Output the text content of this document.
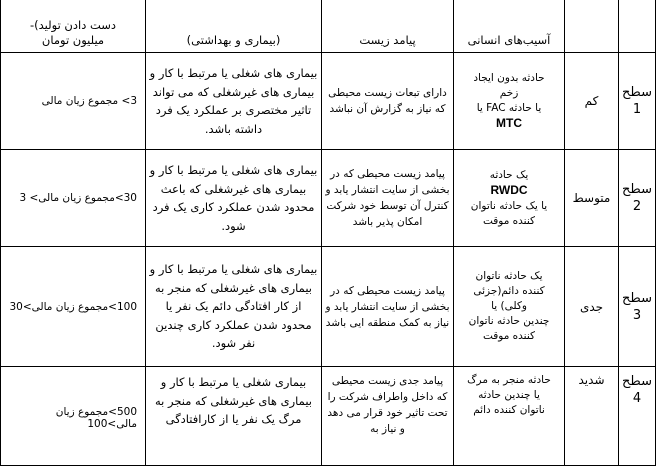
		آسیب‌های انسانی	پیامد زیست	(بیماری و بهداشتی)	دست دادن تولید)-
میلیون تومان

سطح 1	کم	حادثه بدون ایجاد
زخم
یا حادثه FAC یا
MTC	دارای تبعات زیست محیطی که نیاز به گزارش آن نباشد	بیماری های شغلی یا مرتبط با کار و بیماری های غیرشغلی که می تواند تاثیر مختصری بر عملکرد یک فرد داشته باشد.	3> مجموع زیان مالی
سطح 2	متوسط	یک حادثه
RWDC
یا یک حادثه ناتوان
کننده موقت	پیامد زیست محیطی که در بخشی از سایت انتشار یابد و کنترل آن توسط خود شرکت امکان پذیر باشد	بیماری های شغلی یا مرتبط با کار و بیماری های غیرشغلی که باعث محدود شدن عملکرد کاری یک فرد شود.	30>مجموع زیان مالی> 3
سطح 3	جدی	یک حادثه ناتوان
کننده دائم(جزئی
وکلی) یا
چندین حادثه ناتوان
کننده موقت	پیامد زیست محیطی که در بخشی از سایت انتشار یابد و نیاز به کمک منطقه ایی باشد	بیماری های شغلی یا مرتبط با کار و بیماری های غیرشغلی که منجر به از کار افتادگی دائم یک نفر یا محدود شدن عملکرد کاری چندین نفر شود.	100>مجموع زیان مالی>30
سطح 4	شدید	حادثه منجر به مرگ
یا چندین حادثه
ناتوان کننده دائم	پیامد جدی زیست محیطی که داخل واطراف شرکت را تحت تاثیر خود قرار می دهد و نیاز به	بیماری شغلی یا مرتبط با کار و بیماری های غیرشغلی که منجر به مرگ یک نفر یا از کارافتادگی	500>مجموع زیان مالی>100
